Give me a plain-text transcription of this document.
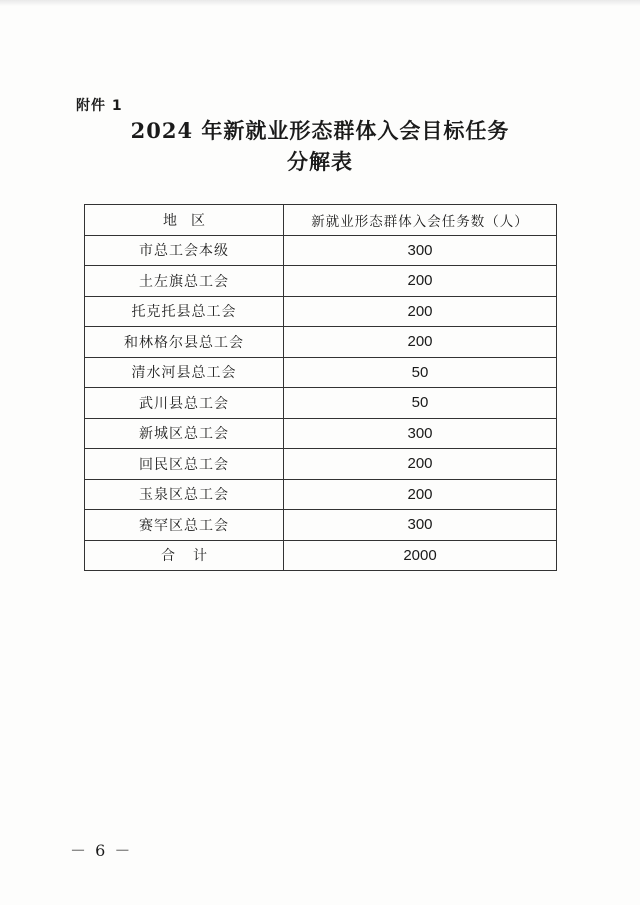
附件 1
2024 年新就业形态群体入会目标任务
分解表
地区	新就业形态群体入会任务数（人）
市总工会本级	300
土左旗总工会	200
托克托县总工会	200
和林格尔县总工会	200
清水河县总工会	50
武川县总工会	50
新城区总工会	300
回民区总工会	200
玉泉区总工会	200
赛罕区总工会	300
合计	2000
－ 6 －
